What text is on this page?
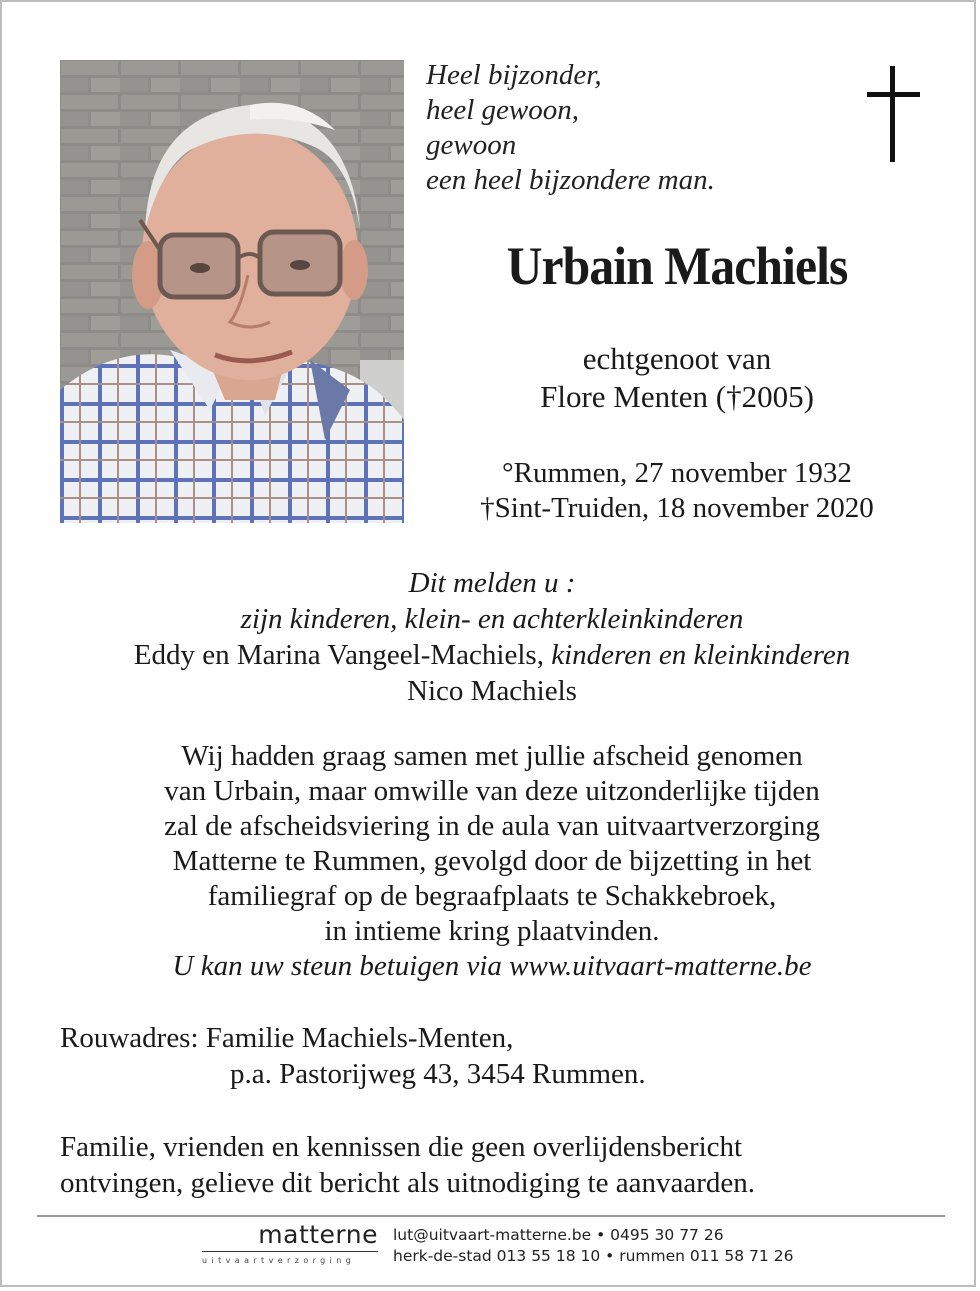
Heel bijzonder,
heel gewoon,
gewoon
een heel bijzondere man.
Urbain Machiels
echtgenoot van
Flore Menten (†2005)
°Rummen, 27 november 1932
†Sint-Truiden, 18 november 2020
Dit melden u :
zijn kinderen, klein- en achterkleinkinderen
Eddy en Marina Vangeel-Machiels, kinderen en kleinkinderen
Nico Machiels
Wij hadden graag samen met jullie afscheid genomen
van Urbain, maar omwille van deze uitzonderlijke tijden
zal de afscheidsviering in de aula van uitvaartverzorging
Matterne te Rummen, gevolgd door de bijzetting in het
familiegraf op de begraafplaats te Schakkebroek,
in intieme kring plaatvinden.
U kan uw steun betuigen via www.uitvaart-matterne.be
Rouwadres: Familie Machiels-Menten,
p.a. Pastorijweg 43, 3454 Rummen.
Familie, vrienden en kennissen die geen overlijdensbericht
ontvingen, gelieve dit bericht als uitnodiging te aanvaarden.
matterne
uitvaartverzorging
lut@uitvaart-matterne.be • 0495 30 77 26
herk-de-stad 013 55 18 10 • rummen 011 58 71 26
